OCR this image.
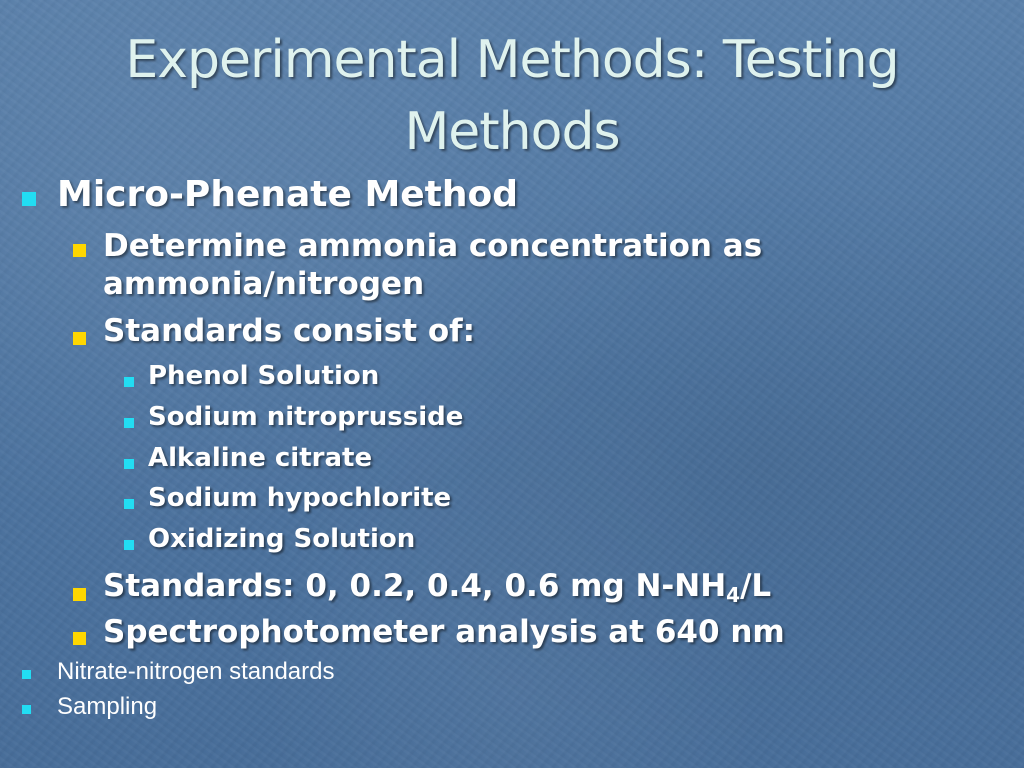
Experimental Methods: Testing Methods
Micro-Phenate Method
Determine ammonia concentration as
ammonia/nitrogen
Standards consist of:
Phenol Solution
Sodium nitroprusside
Alkaline citrate
Sodium hypochlorite
Oxidizing Solution
Standards: 0, 0.2, 0.4, 0.6 mg $N-NH_4/L$
Spectrophotometer analysis at 640 nm
Nitrate-nitrogen standards
Sampling
